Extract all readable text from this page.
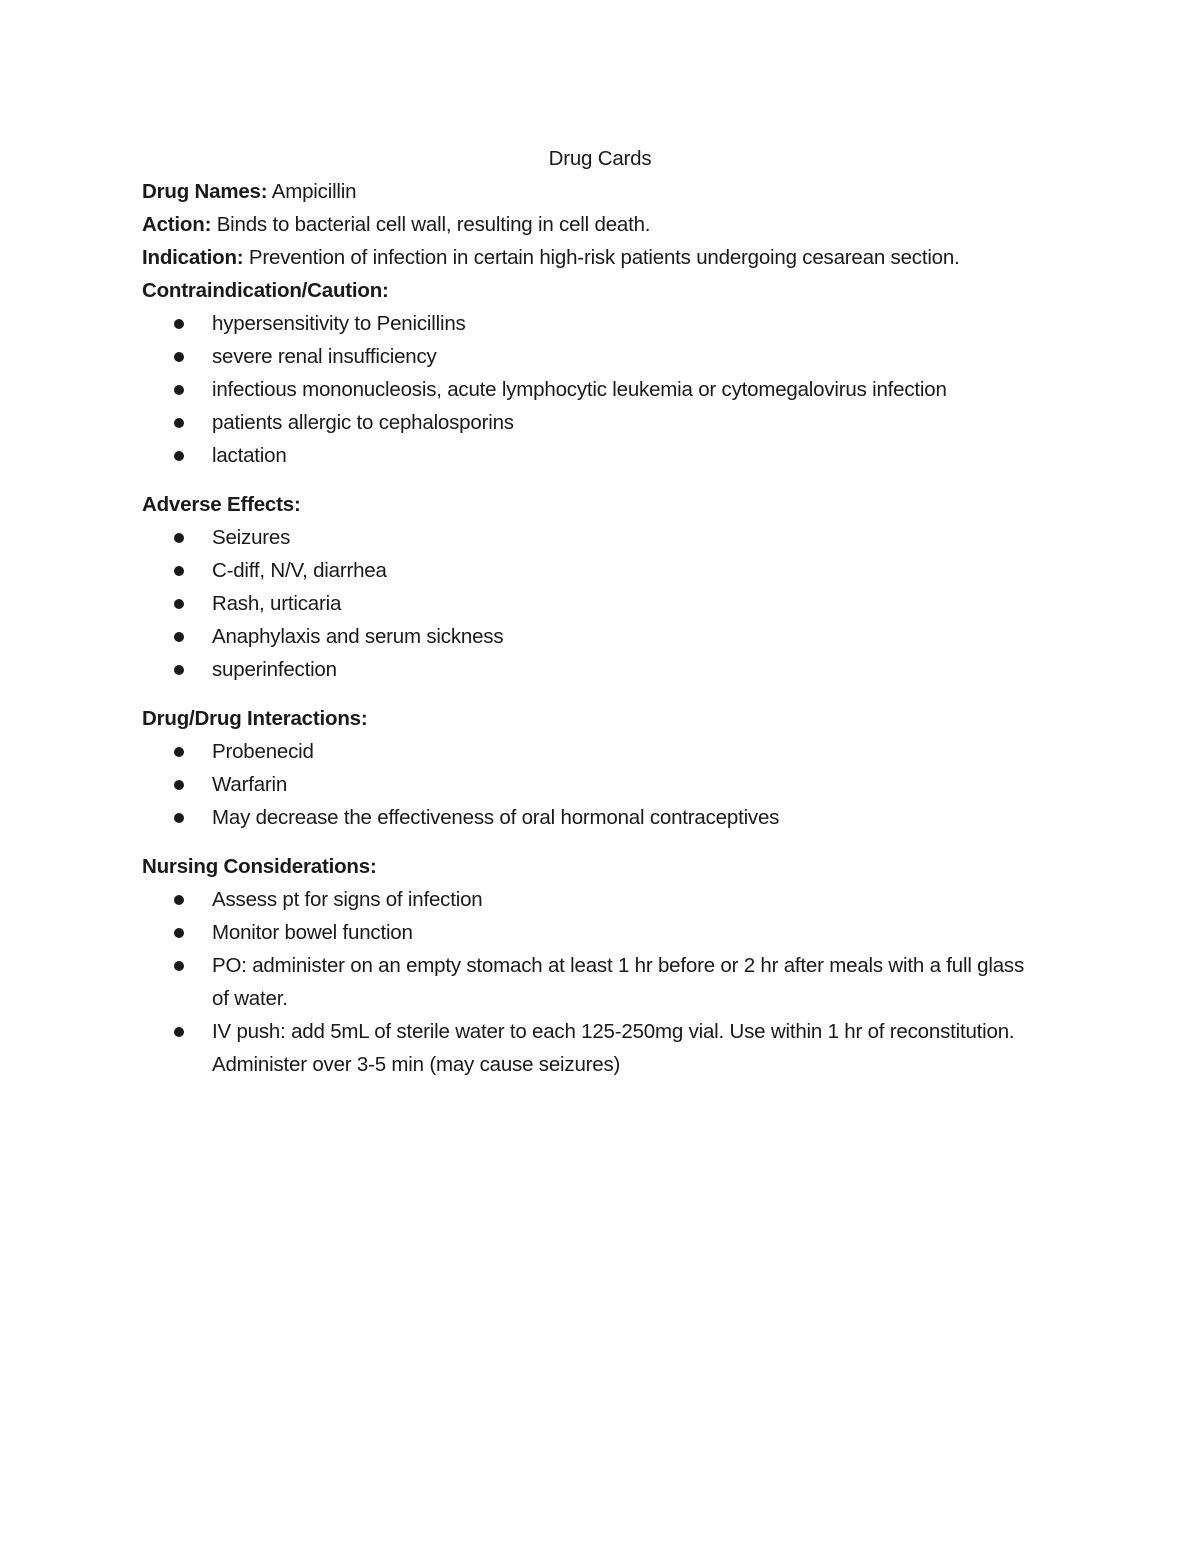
Drug Cards

Drug Names: Ampicillin

Action: Binds to bacterial cell wall, resulting in cell death.

Indication: Prevention of infection in certain high-risk patients undergoing cesarean section.

Contraindication/Caution:

hypersensitivity to Penicillins
severe renal insufficiency
infectious mononucleosis, acute lymphocytic leukemia or cytomegalovirus infection
patients allergic to cephalosporins
lactation

Adverse Effects:

Seizures
C-diff, N/V, diarrhea
Rash, urticaria
Anaphylaxis and serum sickness
superinfection

Drug/Drug Interactions:

Probenecid
Warfarin
May decrease the effectiveness of oral hormonal contraceptives

Nursing Considerations:

Assess pt for signs of infection
Monitor bowel function
PO: administer on an empty stomach at least 1 hr before or 2 hr after meals with a full glass of water.
IV push: add 5mL of sterile water to each 125-250mg vial. Use within 1 hr of reconstitution. Administer over 3-5 min (may cause seizures)
